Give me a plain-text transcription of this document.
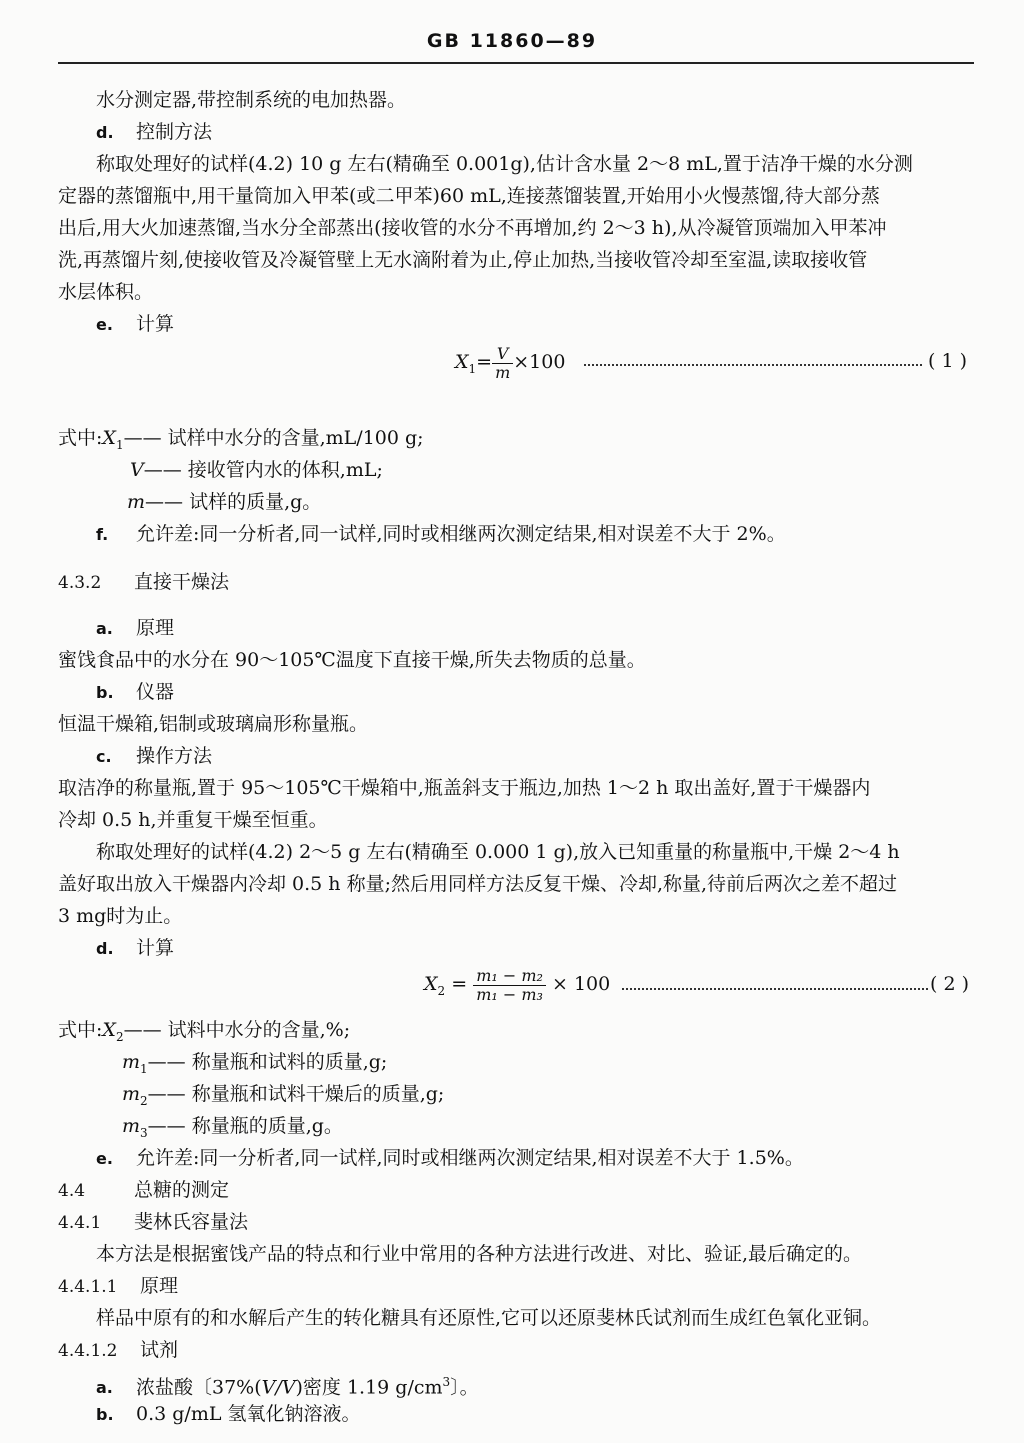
GB 11860—89
水分测定器,带控制系统的电加热器。
d. 控制方法
称取处理好的试样(4.2) 10 g 左右(精确至 0.001g),估计含水量 2～8 mL,置于洁净干燥的水分测
定器的蒸馏瓶中,用干量筒加入甲苯(或二甲苯)60 mL,连接蒸馏装置,开始用小火慢蒸馏,待大部分蒸
出后,用大火加速蒸馏,当水分全部蒸出(接收管的水分不再增加,约 2～3 h),从冷凝管顶端加入甲苯冲
洗,再蒸馏片刻,使接收管及冷凝管壁上无水滴附着为止,停止加热,当接收管冷却至室温,读取接收管
水层体积。
e. 计算
$X_1= \frac{V}{m} \times 100$	( 1 )
式中$:X_1——$ 试样中水分的含量,mL/100 g;
V—— 接收管内水的体积,mL;
m—— 试样的质量,g。
f. 允许差:同一分析者,同一试样,同时或相继两次测定结果,相对误差不大于 2%。
4.3.2 直接干燥法
a. 原理
蜜饯食品中的水分在 90～105℃温度下直接干燥,所失去物质的总量。
b. 仪器
恒温干燥箱,铝制或玻璃扁形称量瓶。
c. 操作方法
取洁净的称量瓶,置于 95～105℃干燥箱中,瓶盖斜支于瓶边,加热 1～2 h 取出盖好,置于干燥器内
冷却 0.5 h,并重复干燥至恒重。
称取处理好的试样(4.2) 2～5 g 左右(精确至 0.000 1 g),放入已知重量的称量瓶中,干燥 2～4 h
盖好取出放入干燥器内冷却 0.5 h 称量;然后用同样方法反复干燥、冷却,称量,待前后两次之差不超过
3 mg时为止。
d. 计算
$X_2 = \frac{\text{m₁ − m₂}}{\text{m₁ − m₃}} \times 100$	( 2 )
式中$:X_2——$ 试料中水分的含量,%;
$m_1——$ 称量瓶和试料的质量,g;
$m_2——$ 称量瓶和试料干燥后的质量,g;
$m_3——$ 称量瓶的质量,g。
e. 允许差:同一分析者,同一试样,同时或相继两次测定结果,相对误差不大于 1.5%。
4.4	总糖的测定
4.4.1 斐林氏容量法
本方法是根据蜜饯产品的特点和行业中常用的各种方法进行改进、对比、验证,最后确定的。
4.4.1.1 原理
样品中原有的和水解后产生的转化糖具有还原性,它可以还原斐林氏试剂而生成红色氧化亚铜。
4.4.1.2 试剂
a. 浓盐酸〔37%(V/V)密度 1.19 $g/cm^3$〕。
b. 0.3 g/mL 氢氧化钠溶液。
